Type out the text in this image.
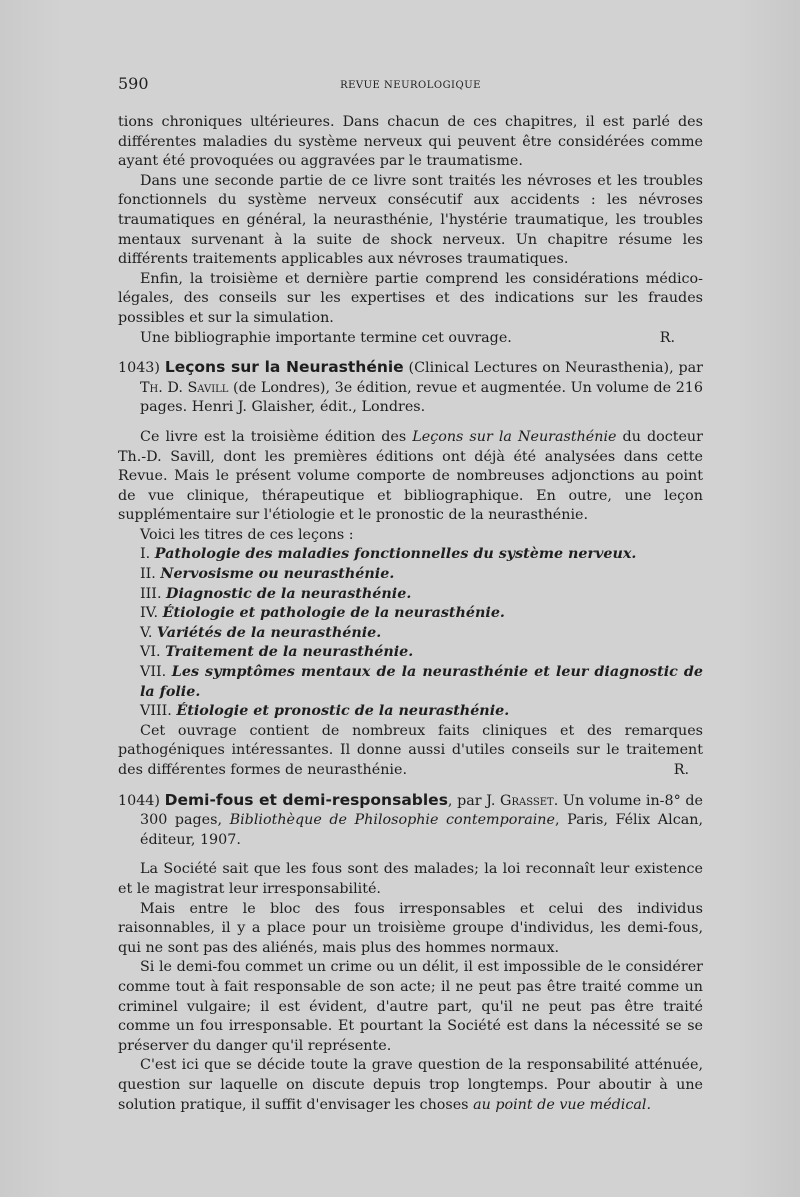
590	REVUE NEUROLOGIQUE

tions chroniques ultérieures. Dans chacun de ces chapitres, il est parlé des différentes maladies du système nerveux qui peuvent être considérées comme ayant été provoquées ou aggravées par le traumatisme.

Dans une seconde partie de ce livre sont traités les névroses et les troubles fonctionnels du système nerveux consécutif aux accidents : les névroses traumatiques en général, la neurasthénie, l'hystérie traumatique, les troubles mentaux survenant à la suite de shock nerveux. Un chapitre résume les différents traitements applicables aux névroses traumatiques.

Enfin, la troisième et dernière partie comprend les considérations médico-légales, des conseils sur les expertises et des indications sur les fraudes possibles et sur la simulation.

Une bibliographie importante termine cet ouvrage.	R.

1043) Leçons sur la Neurasthénie (Clinical Lectures on Neurasthenia), par Th. D. Savill (de Londres), 3e édition, revue et augmentée. Un volume de 216 pages. Henri J. Glaisher, édit., Londres.

Ce livre est la troisième édition des Leçons sur la Neurasthénie du docteur Th.-D. Savill, dont les premières éditions ont déjà été analysées dans cette Revue. Mais le présent volume comporte de nombreuses adjonctions au point de vue clinique, thérapeutique et bibliographique. En outre, une leçon supplémentaire sur l'étiologie et le pronostic de la neurasthénie.

Voici les titres de ces leçons :

I. Pathologie des maladies fonctionnelles du système nerveux.
II. Nervosisme ou neurasthénie.
III. Diagnostic de la neurasthénie.
IV. Étiologie et pathologie de la neurasthénie.
V. Variétés de la neurasthénie.
VI. Traitement de la neurasthénie.
VII. Les symptômes mentaux de la neurasthénie et leur diagnostic de la folie.
VIII. Étiologie et pronostic de la neurasthénie.

Cet ouvrage contient de nombreux faits cliniques et des remarques pathogéniques intéressantes. Il donne aussi d'utiles conseils sur le traitement des différentes formes de neurasthénie.	R.

1044) Demi-fous et demi-responsables, par J. Grasset. Un volume in-8° de 300 pages, Bibliothèque de Philosophie contemporaine, Paris, Félix Alcan, éditeur, 1907.

La Société sait que les fous sont des malades; la loi reconnaît leur existence et le magistrat leur irresponsabilité.

Mais entre le bloc des fous irresponsables et celui des individus raisonnables, il y a place pour un troisième groupe d'individus, les demi-fous, qui ne sont pas des aliénés, mais plus des hommes normaux.

Si le demi-fou commet un crime ou un délit, il est impossible de le considérer comme tout à fait responsable de son acte; il ne peut pas être traité comme un criminel vulgaire; il est évident, d'autre part, qu'il ne peut pas être traité comme un fou irresponsable. Et pourtant la Société est dans la nécessité se se préserver du danger qu'il représente.

C'est ici que se décide toute la grave question de la responsabilité atténuée, question sur laquelle on discute depuis trop longtemps. Pour aboutir à une solution pratique, il suffit d'envisager les choses au point de vue médical.
